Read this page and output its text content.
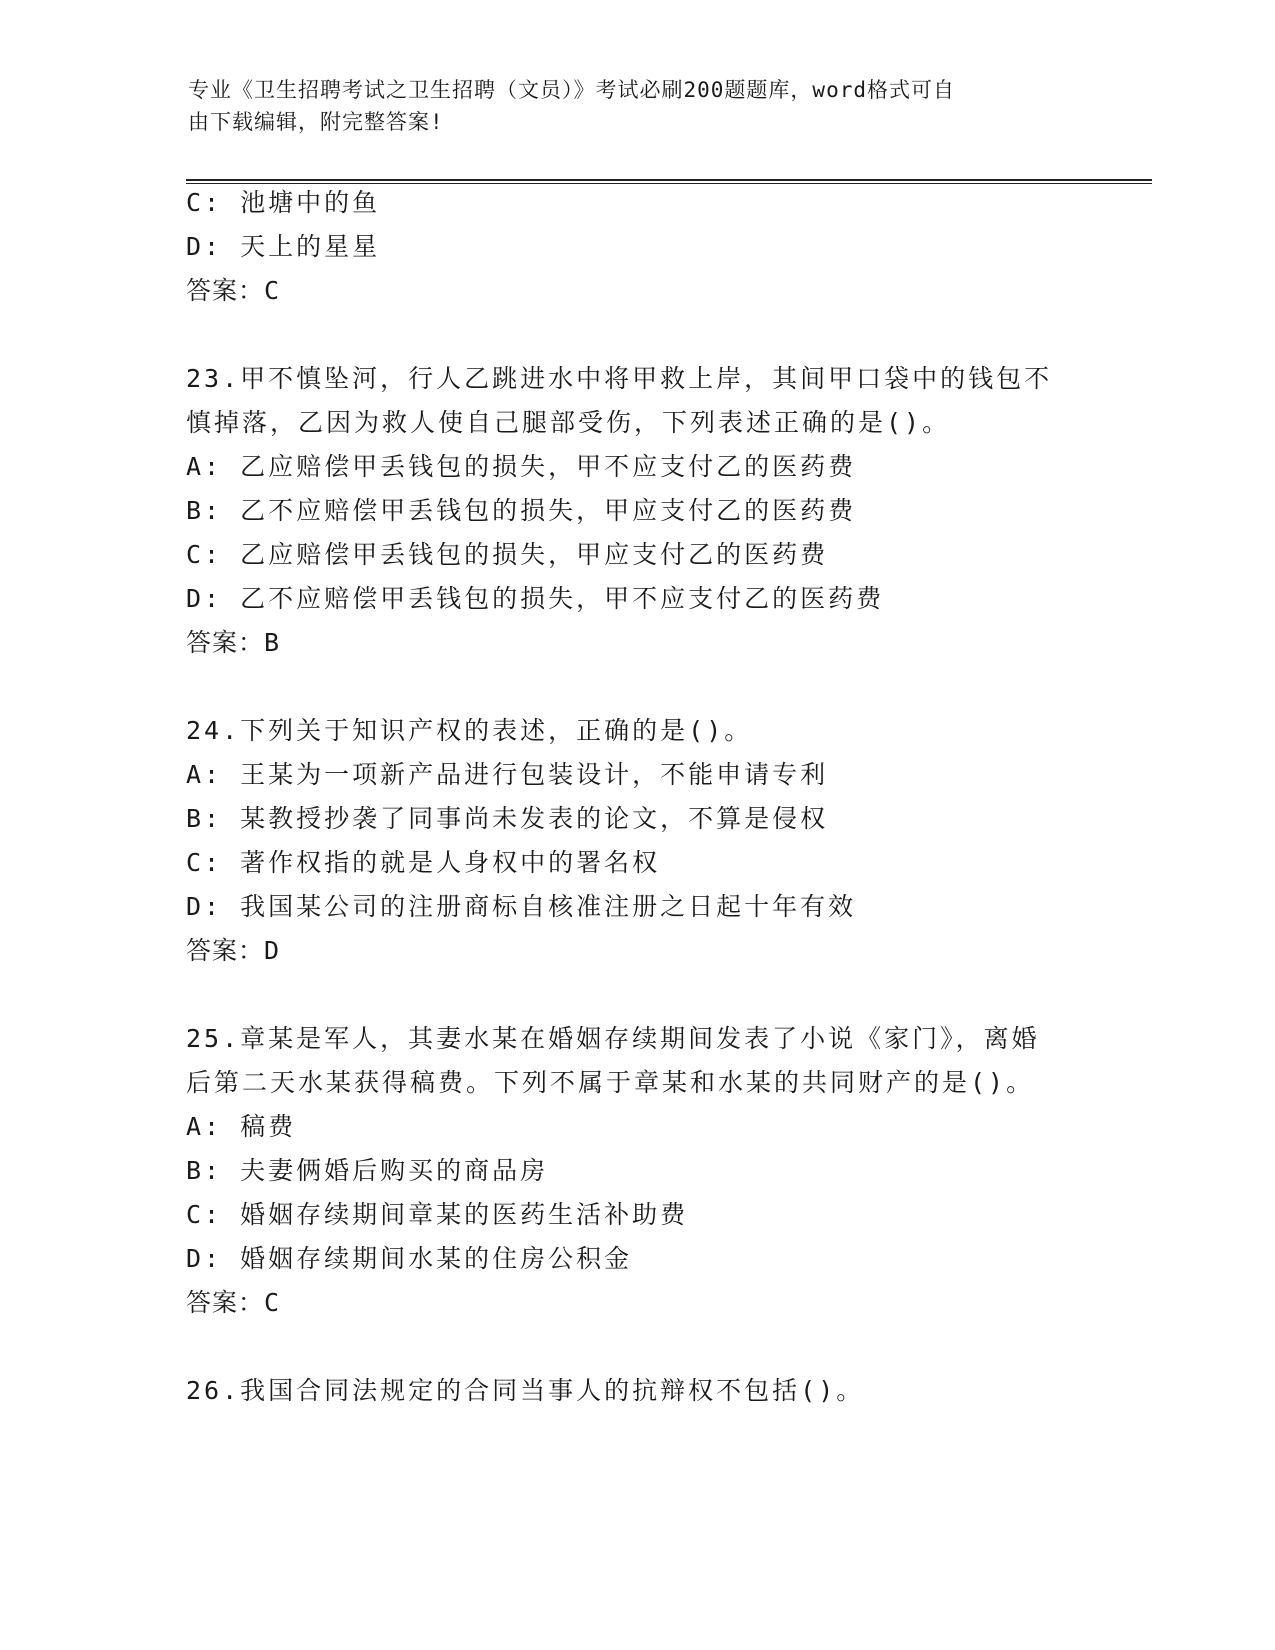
专业《卫生招聘考试之卫生招聘（文员）》考试必刷200题题库，word格式可自
由下载编辑，附完整答案!
C: 池塘中的鱼
D: 天上的星星
答案：C
23.甲不慎坠河，行人乙跳进水中将甲救上岸，其间甲口袋中的钱包不
慎掉落，乙因为救人使自己腿部受伤，下列表述正确的是()。
A: 乙应赔偿甲丢钱包的损失，甲不应支付乙的医药费
B: 乙不应赔偿甲丢钱包的损失，甲应支付乙的医药费
C: 乙应赔偿甲丢钱包的损失，甲应支付乙的医药费
D: 乙不应赔偿甲丢钱包的损失，甲不应支付乙的医药费
答案：B
24.下列关于知识产权的表述，正确的是()。
A: 王某为一项新产品进行包装设计，不能申请专利
B: 某教授抄袭了同事尚未发表的论文，不算是侵权
C: 著作权指的就是人身权中的署名权
D: 我国某公司的注册商标自核准注册之日起十年有效
答案：D
25.章某是军人，其妻水某在婚姻存续期间发表了小说《家门》，离婚
后第二天水某获得稿费。下列不属于章某和水某的共同财产的是()。
A: 稿费
B: 夫妻俩婚后购买的商品房
C: 婚姻存续期间章某的医药生活补助费
D: 婚姻存续期间水某的住房公积金
答案：C
26.我国合同法规定的合同当事人的抗辩权不包括()。
